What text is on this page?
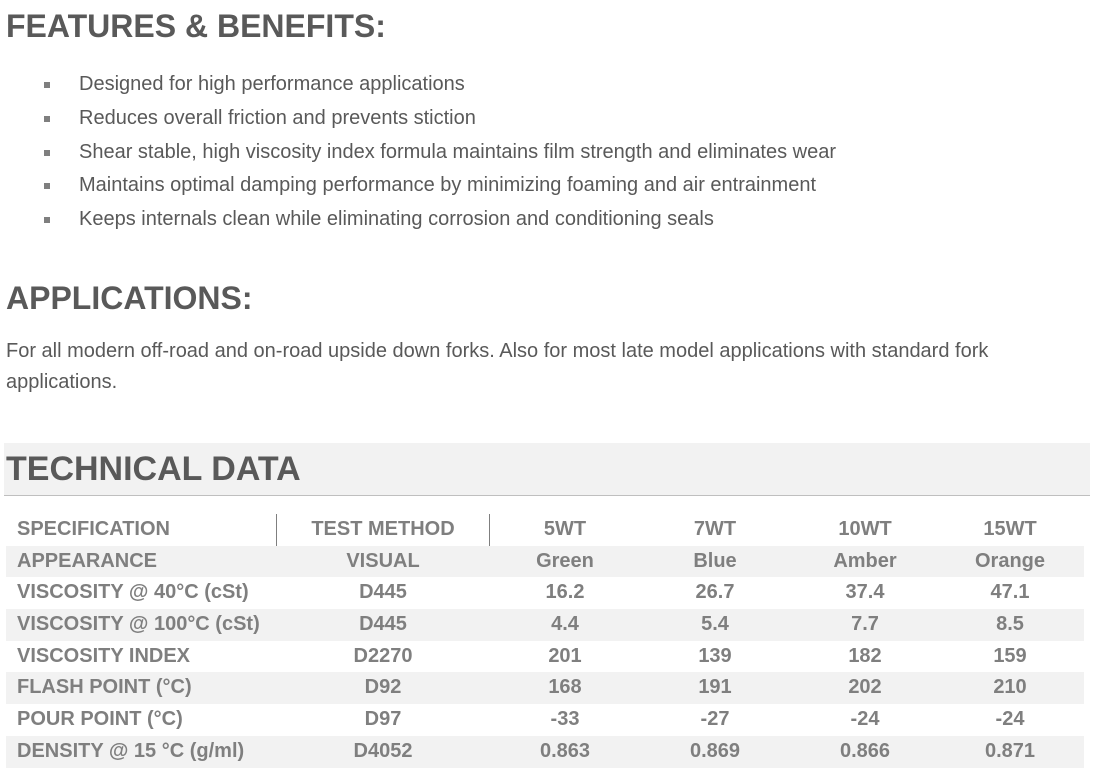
FEATURES & BENEFITS:
Designed for high performance applications
Reduces overall friction and prevents stiction
Shear stable, high viscosity index formula maintains film strength and eliminates wear
Maintains optimal damping performance by minimizing foaming and air entrainment
Keeps internals clean while eliminating corrosion and conditioning seals
APPLICATIONS:

For all modern off-road and on-road upside down forks. Also for most late model applications with standard fork applications.

TECHNICAL DATA
SPECIFICATION	TEST METHOD	5WT	7WT	10WT	15WT
APPEARANCE	VISUAL	Green	Blue	Amber	Orange
VISCOSITY @ 40°C (cSt)	D445	16.2	26.7	37.4	47.1
VISCOSITY @ 100°C (cSt)	D445	4.4	5.4	7.7	8.5
VISCOSITY INDEX	D2270	201	139	182	159
FLASH POINT (°C)	D92	168	191	202	210
POUR POINT (°C)	D97	-33	-27	-24	-24
DENSITY @ 15 °C (g/ml)	D4052	0.863	0.869	0.866	0.871
